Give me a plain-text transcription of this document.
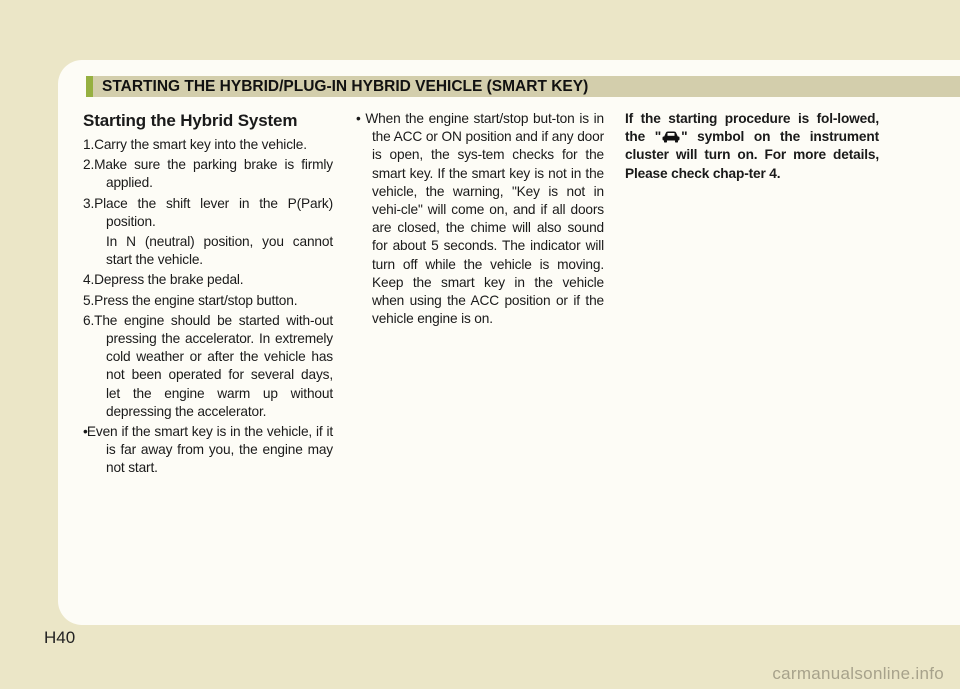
STARTING THE HYBRID/PLUG-IN HYBRID VEHICLE (SMART KEY)
Starting the Hybrid System

1.Carry the smart key into the vehicle.

2.Make sure the parking brake is firmly applied.

3.Place the shift lever in the P(Park) position.

In N (neutral) position, you cannot start the vehicle.

4.Depress the brake pedal.

5.Press the engine start/stop button.

6.The engine should be started with-out pressing the accelerator. In extremely cold weather or after the vehicle has not been operated for several days, let the engine warm up without depressing the accelerator.

• Even if the smart key is in the vehicle, if it is far away from you, the engine may not start.

• When the engine start/stop but-ton is in the ACC or ON position and if any door is open, the sys-tem checks for the smart key. If the smart key is not in the vehicle, the warning, "Key is not in vehi-cle" will come on, and if all doors are closed, the chime will also sound for about 5 seconds. The indicator will turn off while the vehicle is moving. Keep the smart key in the vehicle when using the ACC position or if the vehicle engine is on.

If the starting procedure is fol-lowed, the " " symbol on the instrument cluster will turn on. For more details, Please check chap-ter 4.

H40
carmanualsonline.info
